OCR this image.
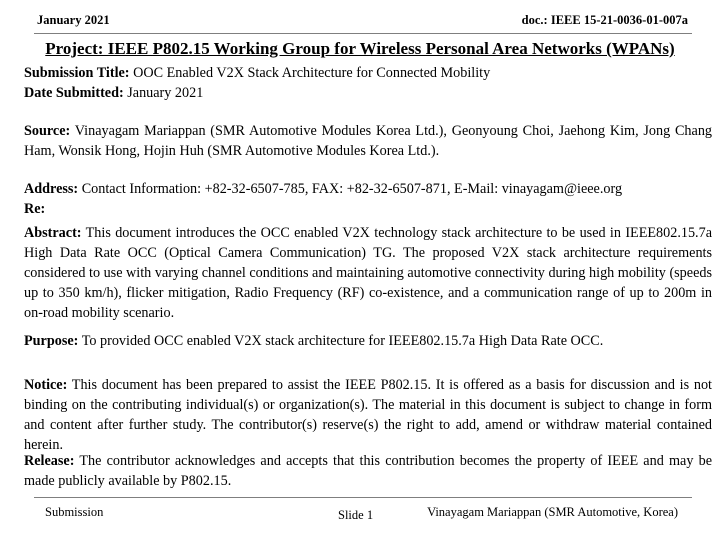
January 2021	doc.: IEEE 15-21-0036-01-007a
Project: IEEE P802.15 Working Group for Wireless Personal Area Networks (WPANs)
Submission Title: OOC Enabled V2X Stack Architecture for Connected Mobility
Date Submitted: January 2021
Source: Vinayagam Mariappan (SMR Automotive Modules Korea Ltd.), Geonyoung Choi, Jaehong Kim, Jong Chang Ham, Wonsik Hong, Hojin Huh (SMR Automotive Modules Korea Ltd.).
Address: Contact Information: +82-32-6507-785, FAX: +82-32-6507-871, E-Mail: vinayagam@ieee.org
Re:
Abstract: This document introduces the OCC enabled V2X technology stack architecture to be used in IEEE802.15.7a High Data Rate OCC (Optical Camera Communication) TG. The proposed V2X stack architecture requirements considered to use with varying channel conditions and maintaining automotive connectivity during high mobility (speeds up to 350 km/h), flicker mitigation, Radio Frequency (RF) co-existence, and a communication range of up to 200m in on-road mobility scenario.
Purpose: To provided OCC enabled V2X stack architecture for IEEE802.15.7a High Data Rate OCC.
Notice: This document has been prepared to assist the IEEE P802.15. It is offered as a basis for discussion and is not binding on the contributing individual(s) or organization(s). The material in this document is subject to change in form and content after further study. The contributor(s) reserve(s) the right to add, amend or withdraw material contained herein.
Release: The contributor acknowledges and accepts that this contribution becomes the property of IEEE and may be made publicly available by P802.15.
Submission	Slide 1	Vinayagam Mariappan (SMR Automotive, Korea)
